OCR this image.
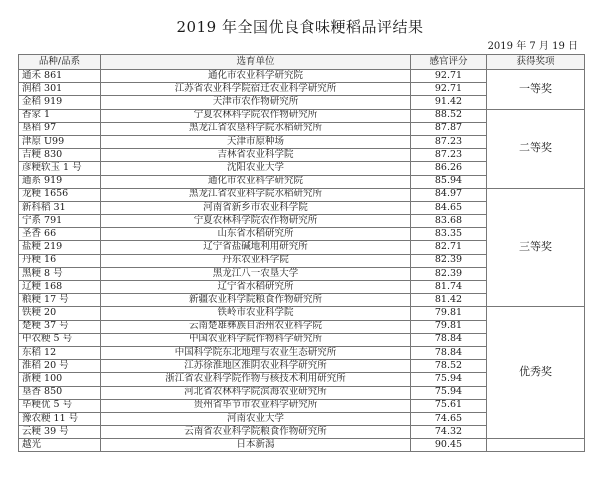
2019 年全国优良食味粳稻品评结果
2019 年 7 月 19 日
品种/品系	选育单位	感官评分	获得奖项
通禾 861	通化市农业科学研究院	92.71	一等奖
润稻 301	江苏省农业科学院宿迁农业科学研究所	92.71	
金稻 919	天津市农作物研究所	91.42	
香家 1	宁夏农林科学院农作物研究所	88.52	二等奖
垦稻 97	黑龙江省农垦科学院水稻研究所	87.87	
津原 U99	天津市原种场	87.23	
吉粳 830	吉林省农业科学院	87.23	
彦粳软玉 1 号	沈阳农业大学	86.26	
通系 919	通化市农业科学研究院	85.94	
龙粳 1656	黑龙江省农业科学院水稻研究所	84.97	三等奖
新科稻 31	河南省新乡市农业科学院	84.65	
宁系 791	宁夏农林科学院农作物研究所	83.68	
圣香 66	山东省水稻研究所	83.35	
盐粳 219	辽宁省盐碱地利用研究所	82.71	
丹粳 16	丹东农业科学院	82.39	
黑粳 8 号	黑龙江八一农垦大学	82.39	
辽粳 168	辽宁省水稻研究所	81.74	
粮粳 17 号	新疆农业科学院粮食作物研究所	81.42	
铁粳 20	铁岭市农业科学院	79.81	优秀奖
楚粳 37 号	云南楚雄彝族自治州农业科学院	79.81	
中农粳 5 号	中国农业科学院作物科学研究所	78.84	
东稻 12	中国科学院东北地理与农业生态研究所	78.84	
淮稻 20 号	江苏徐淮地区淮阴农业科学研究所	78.52	
浙粳 100	浙江省农业科学院作物与核技术利用研究所	75.94	
垦香 850	河北省农林科学院滨海农业研究所	75.94	
毕粳优 5 号	贵州省毕节市农业科学研究所	75.61	
豫农粳 11 号	河南农业大学	74.65	
云粳 39 号	云南省农业科学院粮食作物研究所	74.32	
越光	日本新潟	90.45	
